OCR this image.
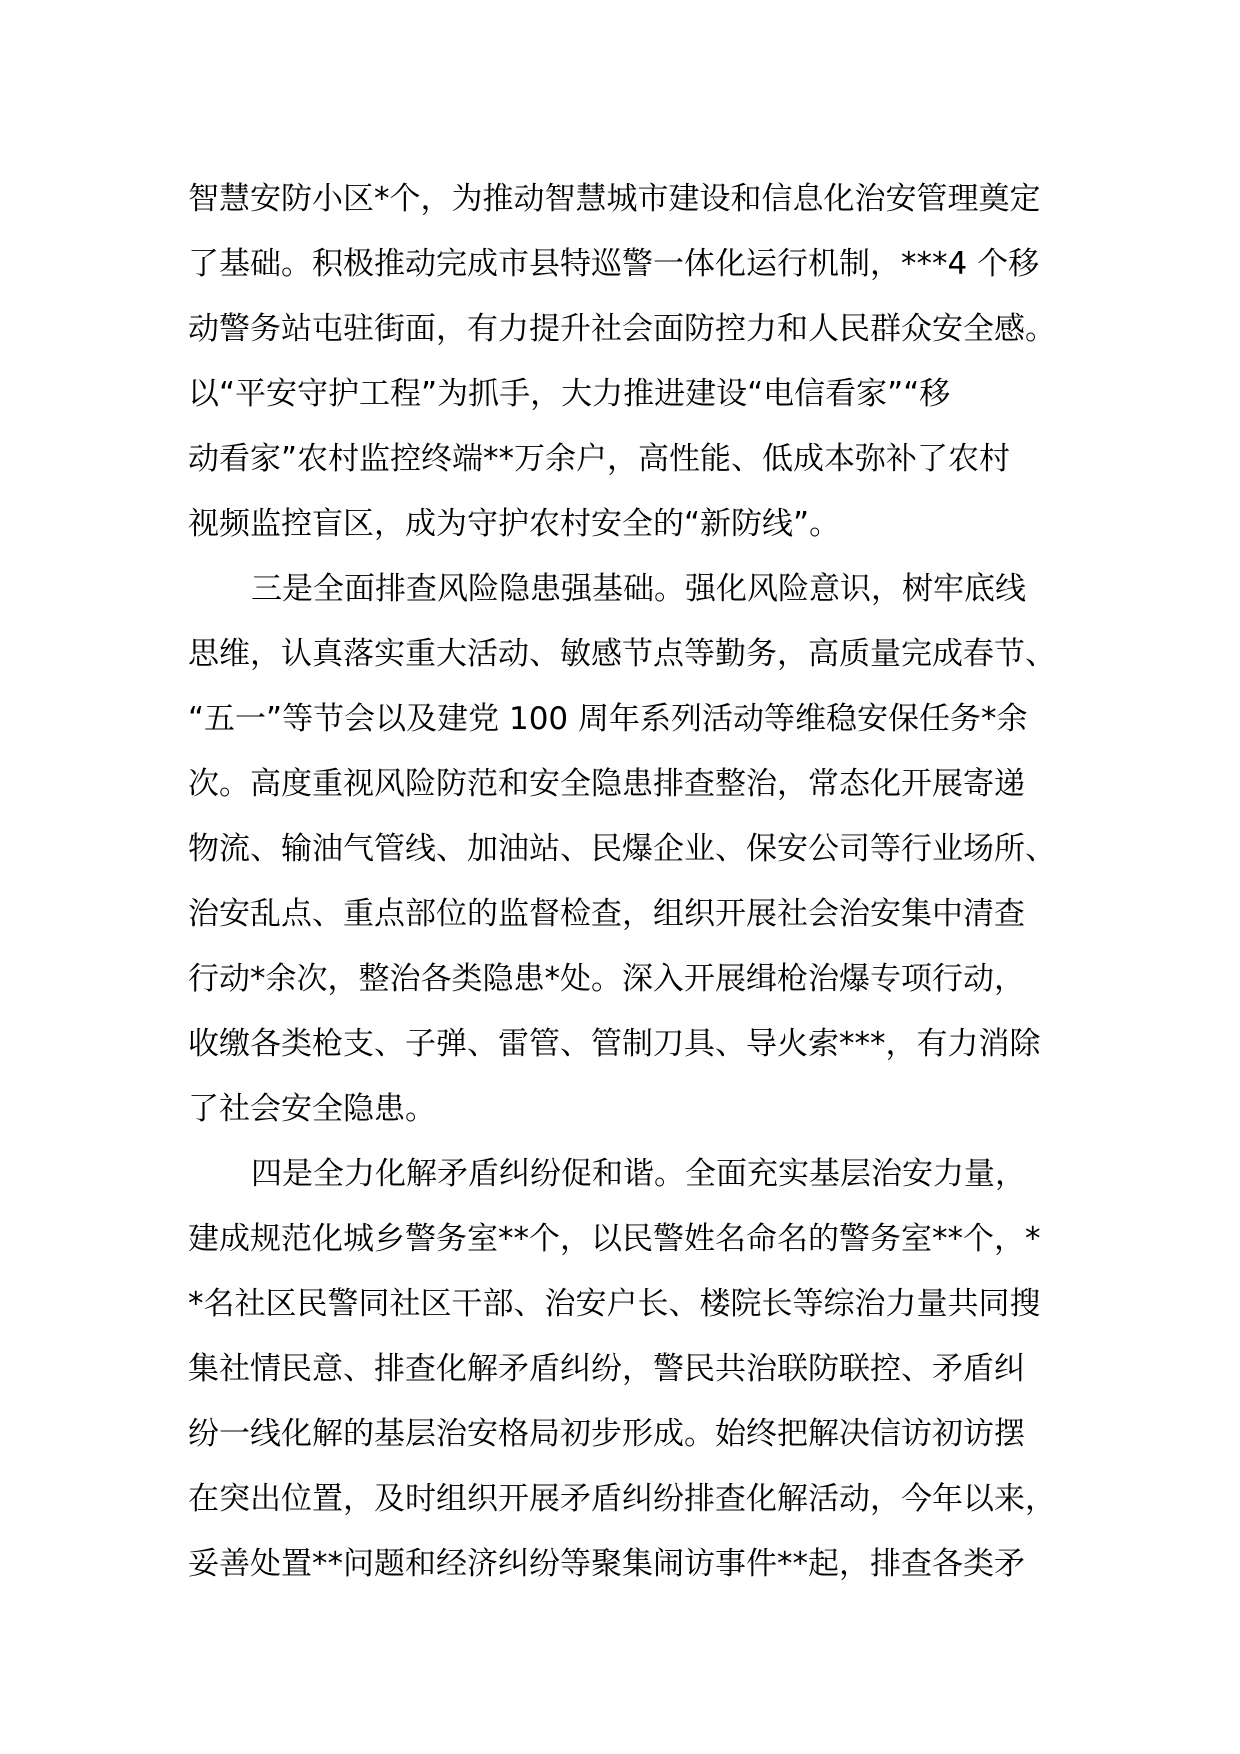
智慧安防小区*个，为推动智慧城市建设和信息化治安管理奠定
了基础。积极推动完成市县特巡警一体化运行机制，***4 个移
动警务站屯驻街面，有力提升社会面防控力和人民群众安全感。
以“平安守护工程”为抓手，大力推进建设“电信看家”“移
动看家”农村监控终端**万余户，高性能、低成本弥补了农村
视频监控盲区，成为守护农村安全的“新防线”。
三是全面排查风险隐患强基础。强化风险意识，树牢底线
思维，认真落实重大活动、敏感节点等勤务，高质量完成春节、
“五一”等节会以及建党 100 周年系列活动等维稳安保任务*余
次。高度重视风险防范和安全隐患排查整治，常态化开展寄递
物流、输油气管线、加油站、民爆企业、保安公司等行业场所、
治安乱点、重点部位的监督检查，组织开展社会治安集中清查
行动*余次，整治各类隐患*处。深入开展缉枪治爆专项行动，
收缴各类枪支、子弹、雷管、管制刀具、导火索***，有力消除
了社会安全隐患。
四是全力化解矛盾纠纷促和谐。全面充实基层治安力量，
建成规范化城乡警务室**个，以民警姓名命名的警务室**个，*
*名社区民警同社区干部、治安户长、楼院长等综治力量共同搜
集社情民意、排查化解矛盾纠纷，警民共治联防联控、矛盾纠
纷一线化解的基层治安格局初步形成。始终把解决信访初访摆
在突出位置，及时组织开展矛盾纠纷排查化解活动，今年以来，
妥善处置**问题和经济纠纷等聚集闹访事件**起，排查各类矛
